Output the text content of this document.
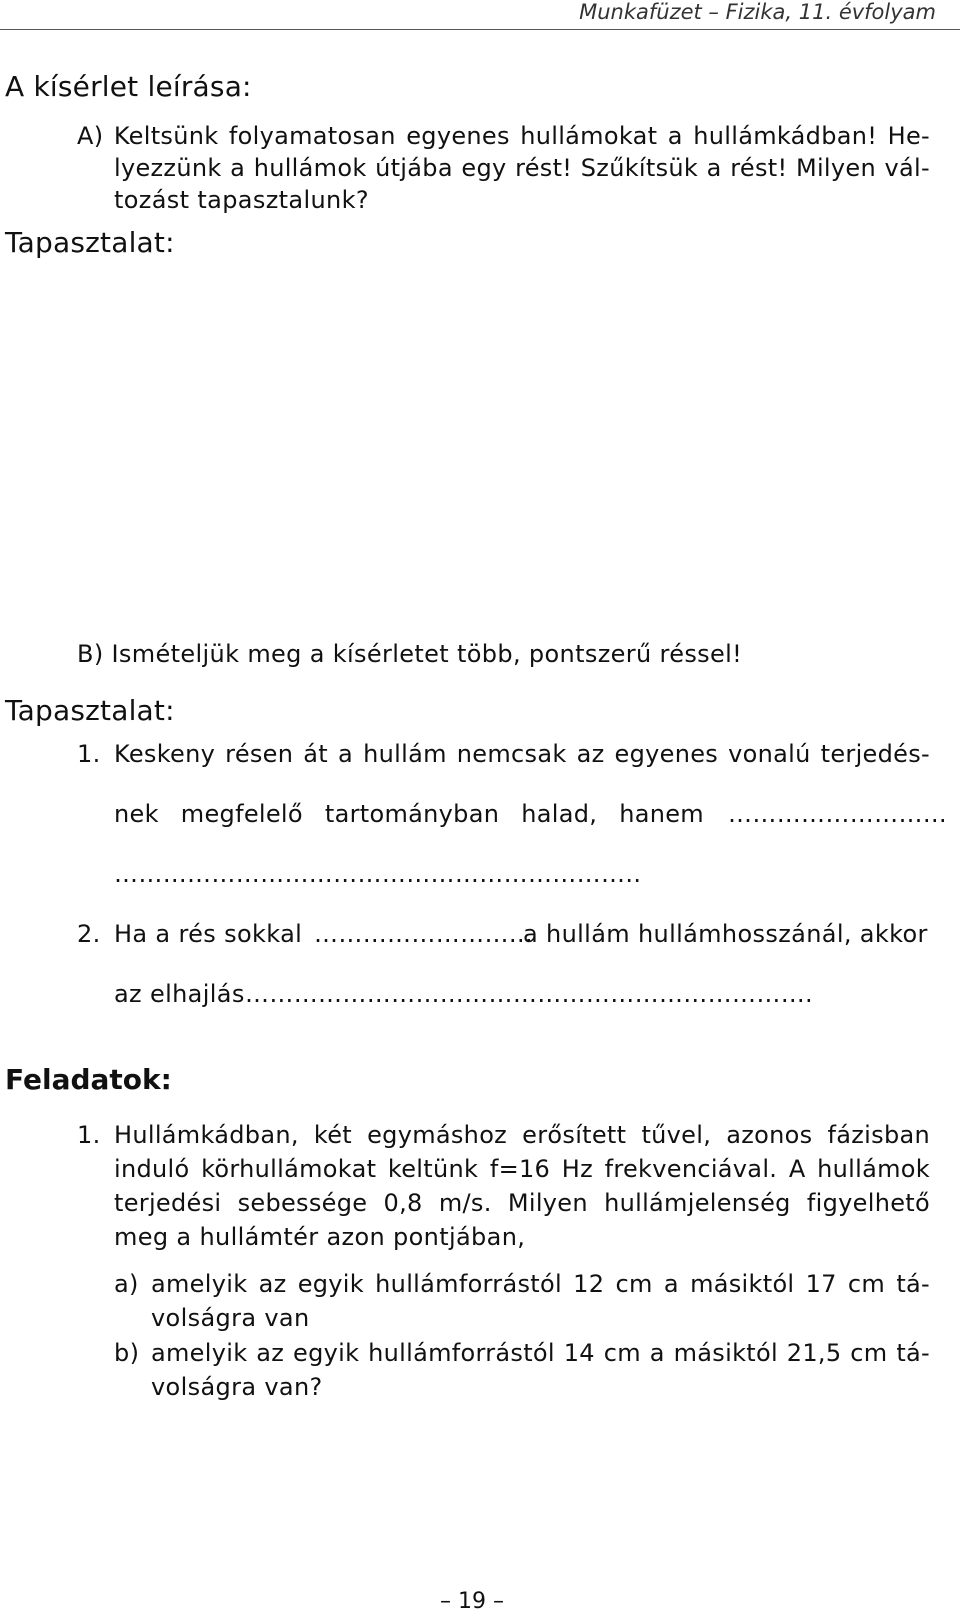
Munkafüzet – Fizika, 11. évfolyam
A kísérlet leírása:
A) Keltsünk folyamatosan egyenes hullámokat a hullámkádban! He-
lyezzünk a hullámok útjába egy rést! Szűkítsük a rést! Milyen vál-
tozást tapasztalunk?
Tapasztalat:
B) Ismételjük meg a kísérletet több, pontszerű réssel!
Tapasztalat:
1. Keskeny résen át a hullám nemcsak az egyenes vonalú terjedés-
nek megfelelő tartományban halad, hanem ………………………
………………………………………………………..
2. Ha a rés sokkal ………………………
a hullám hullámhosszánál, akkor
az elhajlás …………………………………………………………….
Feladatok:
1. Hullámkádban, két egymáshoz erősített tűvel, azonos fázisban
induló körhullámokat keltünk f=16 Hz frekvenciával. A hullámok
terjedési sebessége 0,8 m/s. Milyen hullámjelenség figyelhető
meg a hullámtér azon pontjában,
a) amelyik az egyik hullámforrástól 12 cm a másiktól 17 cm tá-
volságra van
b) amelyik az egyik hullámforrástól 14 cm a másiktól 21,5 cm tá-
volságra van?
– 19 –
